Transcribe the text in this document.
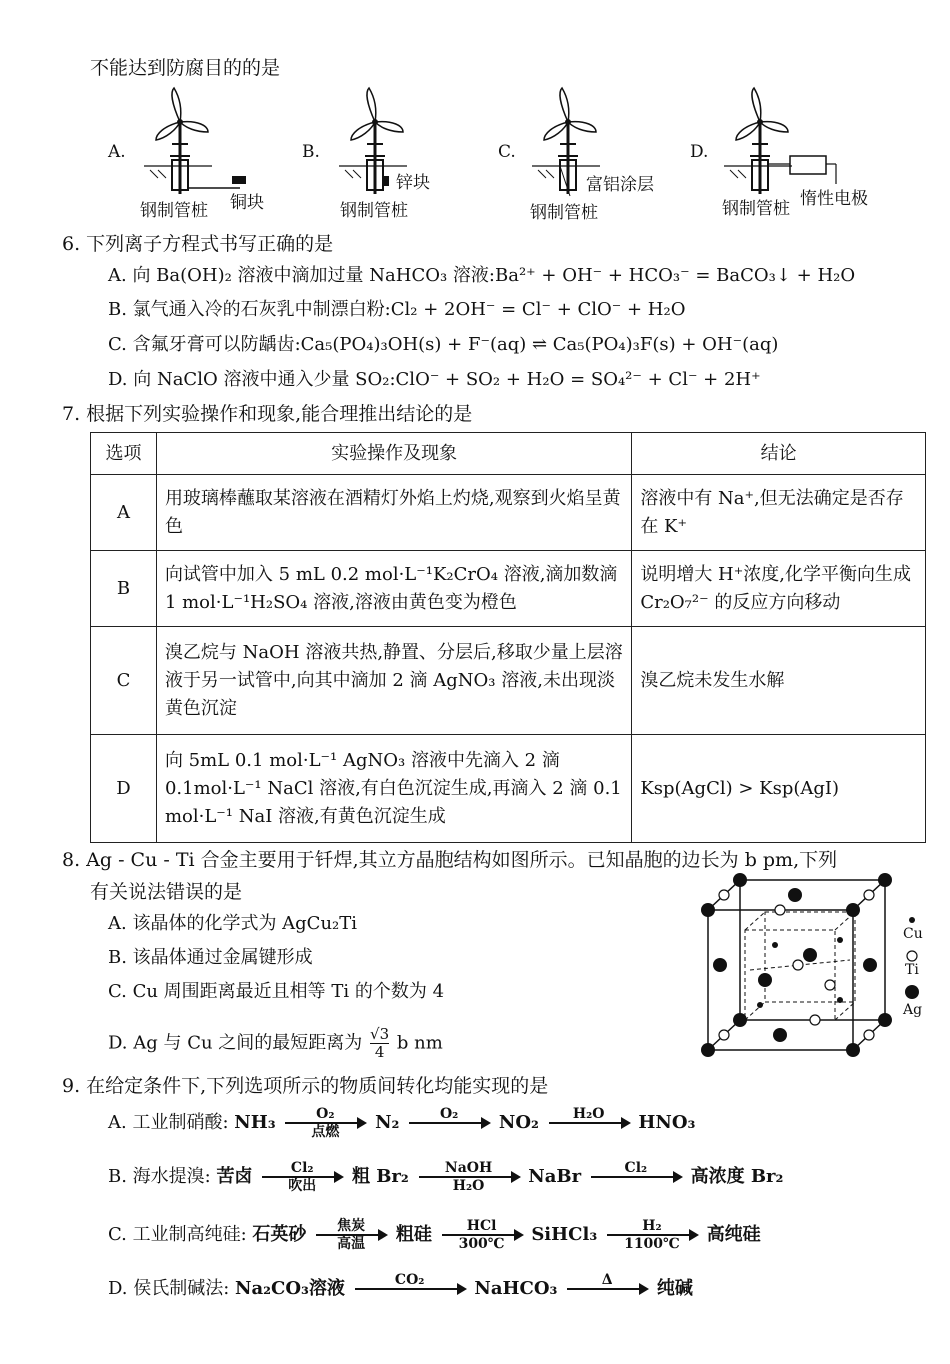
不能达到防腐目的的是
A.
钢制管桩 铜块
B.
钢制管桩
锌块
C.
钢制管桩
富铝涂层
D.
钢制管桩 惰性电极
6. 下列离子方程式书写正确的是
A. 向 Ba(OH)₂ 溶液中滴加过量 NaHCO₃ 溶液:Ba²⁺ + OH⁻ + HCO₃⁻ = BaCO₃↓ + H₂O
B. 氯气通入冷的石灰乳中制漂白粉:Cl₂ + 2OH⁻ = Cl⁻ + ClO⁻ + H₂O
C. 含氟牙膏可以防龋齿:Ca₅(PO₄)₃OH(s) + F⁻(aq) ⇌ Ca₅(PO₄)₃F(s) + OH⁻(aq)
D. 向 NaClO 溶液中通入少量 SO₂:ClO⁻ + SO₂ + H₂O = SO₄²⁻ + Cl⁻ + 2H⁺
7. 根据下列实验操作和现象,能合理推出结论的是
选项	实验操作及现象	结论
A	用玻璃棒蘸取某溶液在酒精灯外焰上灼烧,观察到火焰呈黄色	溶液中有 Na⁺,但无法确定是否存在 K⁺
B	向试管中加入 5 mL 0.2 mol·L⁻¹K₂CrO₄ 溶液,滴加数滴 1 mol·L⁻¹H₂SO₄ 溶液,溶液由黄色变为橙色	说明增大 H⁺浓度,化学平衡向生成 Cr₂O₇²⁻ 的反应方向移动
C	溴乙烷与 NaOH 溶液共热,静置、分层后,移取少量上层溶液于另一试管中,向其中滴加 2 滴 AgNO₃ 溶液,未出现淡黄色沉淀	溴乙烷未发生水解
D	向 5mL 0.1 mol·L⁻¹ AgNO₃ 溶液中先滴入 2 滴 0.1mol·L⁻¹ NaCl 溶液,有白色沉淀生成,再滴入 2 滴 0.1 mol·L⁻¹ NaI 溶液,有黄色沉淀生成	Ksp(AgCl) > Ksp(AgI)
8. Ag - Cu - Ti 合金主要用于钎焊,其立方晶胞结构如图所示。已知晶胞的边长为 b pm,下列
有关说法错误的是
A. 该晶体的化学式为 AgCu₂Ti
B. 该晶体通过金属键形成
C. Cu 周围距离最近且相等 Ti 的个数为 4
D. Ag 与 Cu 之间的最短距离为 $\frac{√3}{4}$ b nm
Cu
Ti
Ag
9. 在给定条件下,下列选项所示的物质间转化均能实现的是
A. 工业制硝酸: NH₃	O₂
点燃	N₂	O₂
	NO₂	H₂O
	HNO₃
B. 海水提溴: 苦卤	Cl₂
吹出	粗 Br₂	NaOH
H₂O	NaBr	Cl₂
	高浓度 Br₂
C. 工业制高纯硅: 石英砂	焦炭
高温	粗硅	HCl
300℃	SiHCl₃ $\frac{\text{H₂}}{1100℃}$ 高纯硅
D. 侯氏制碱法: Na₂CO₃溶液	CO₂
	NaHCO₃	Δ
	纯碱
